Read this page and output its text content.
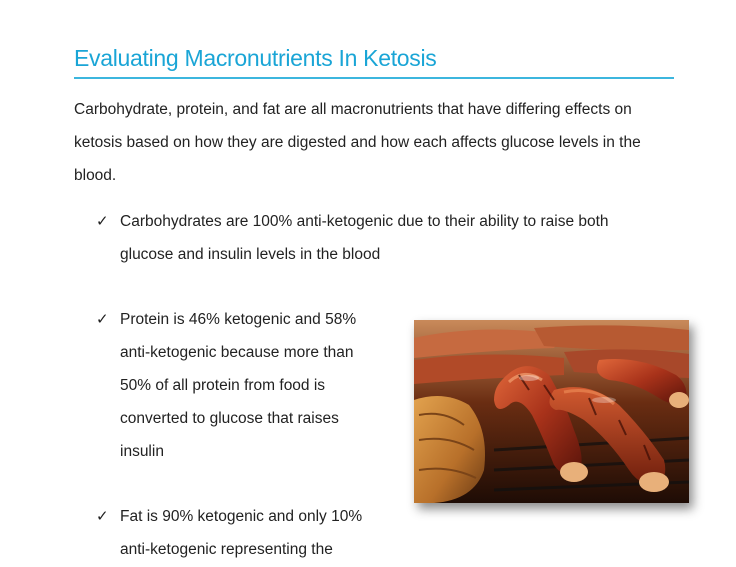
Evaluating Macronutrients In Ketosis

Carbohydrate, protein, and fat are all macronutrients that have differing effects on ketosis based on how they are digested and how each affects glucose levels in the blood.

✓ Carbohydrates are 100% anti-ketogenic due to their ability to raise both glucose and insulin levels in the blood
✓ Protein is 46% ketogenic and 58% anti-ketogenic because more than 50% of all protein from food is converted to glucose that raises insulin
✓ Fat is 90% ketogenic and only 10% anti-ketogenic representing the
